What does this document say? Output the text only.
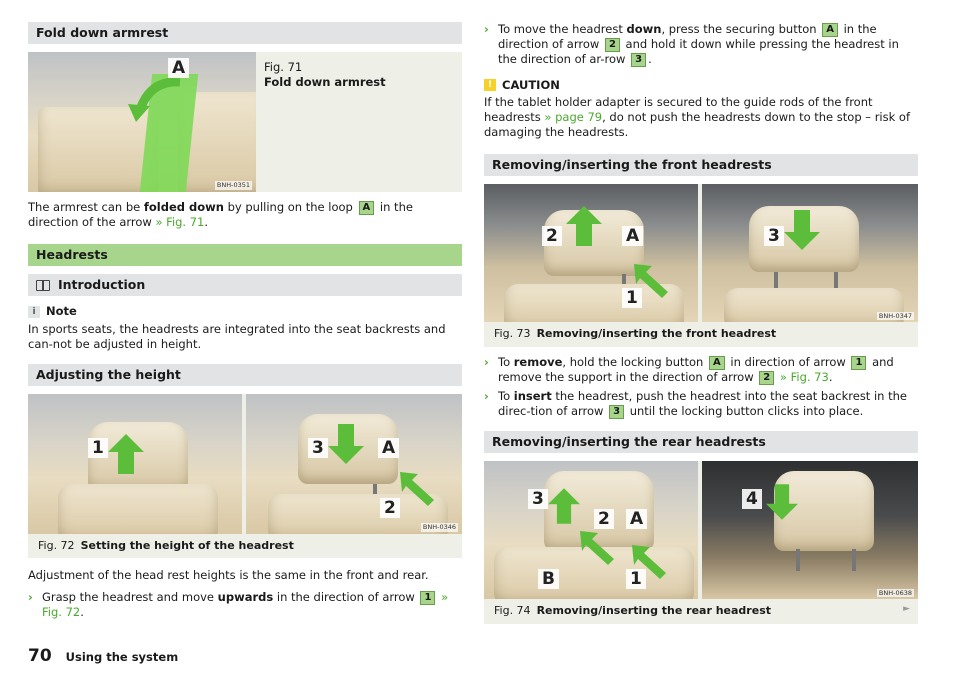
Fold down armrest
A
BNH-0351
Fig. 71
Fold down armrest
The armrest can be folded down by pulling on the loop A in the direction of the arrow » Fig. 71.
Headrests
Introduction
i Note
In sports seats, the headrests are integrated into the seat backrests and can-not be adjusted in height.
Adjusting the height
1	3	A
2
BNH-0346
Fig. 72 Setting the height of the headrest
Adjustment of the head rest heights is the same in the front and rear.
› Grasp the headrest and move upwards in the direction of arrow 1 » Fig. 72.
› To move the headrest down, press the securing button A in the direction of arrow 2 and hold it down while pressing the headrest in the direction of ar-row 3 .
! CAUTION
If the tablet holder adapter is secured to the guide rods of the front headrests » page 79, do not push the headrests down to the stop – risk of damaging the headrests.
Removing/inserting the front headrests
2	A
1
3
BNH-0347
Fig. 73 Removing/inserting the front headrest
› To remove, hold the locking button A in direction of arrow 1 and remove the support in the direction of arrow 2 » Fig. 73.
› To insert the headrest, push the headrest into the seat backrest in the direc-tion of arrow 3 until the locking button clicks into place.
Removing/inserting the rear headrests
3
2 A
B	1
4
BNH-0638
Fig. 74 Removing/inserting the rear headrest	►
70 Using the system
